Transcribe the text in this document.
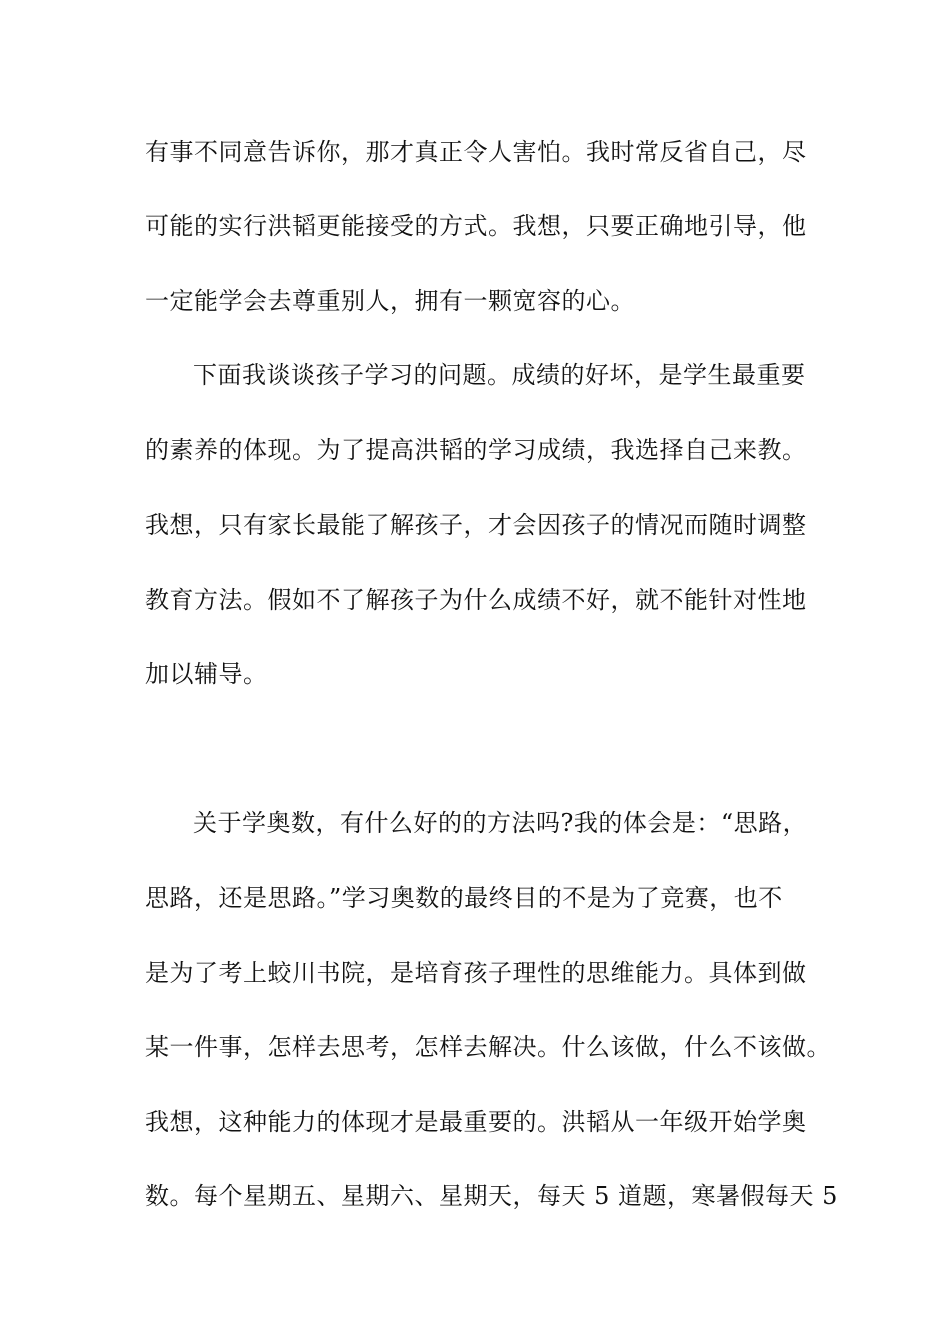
有事不同意告诉你，那才真正令人害怕。我时常反省自己，尽
可能的实行洪韬更能接受的方式。我想，只要正确地引导，他
一定能学会去尊重别人，拥有一颗宽容的心。
下面我谈谈孩子学习的问题。成绩的好坏，是学生最重要
的素养的体现。为了提高洪韬的学习成绩，我选择自己来教。
我想，只有家长最能了解孩子，才会因孩子的情况而随时调整
教育方法。假如不了解孩子为什么成绩不好，就不能针对性地
加以辅导。
关于学奥数，有什么好的的方法吗?我的体会是：“思路，
思路，还是思路。”学习奥数的最终目的不是为了竞赛，也不
是为了考上蛟川书院，是培育孩子理性的思维能力。具体到做
某一件事，怎样去思考，怎样去解决。什么该做，什么不该做。
我想，这种能力的体现才是最重要的。洪韬从一年级开始学奥
数。每个星期五、星期六、星期天，每天 5 道题，寒暑假每天 5
